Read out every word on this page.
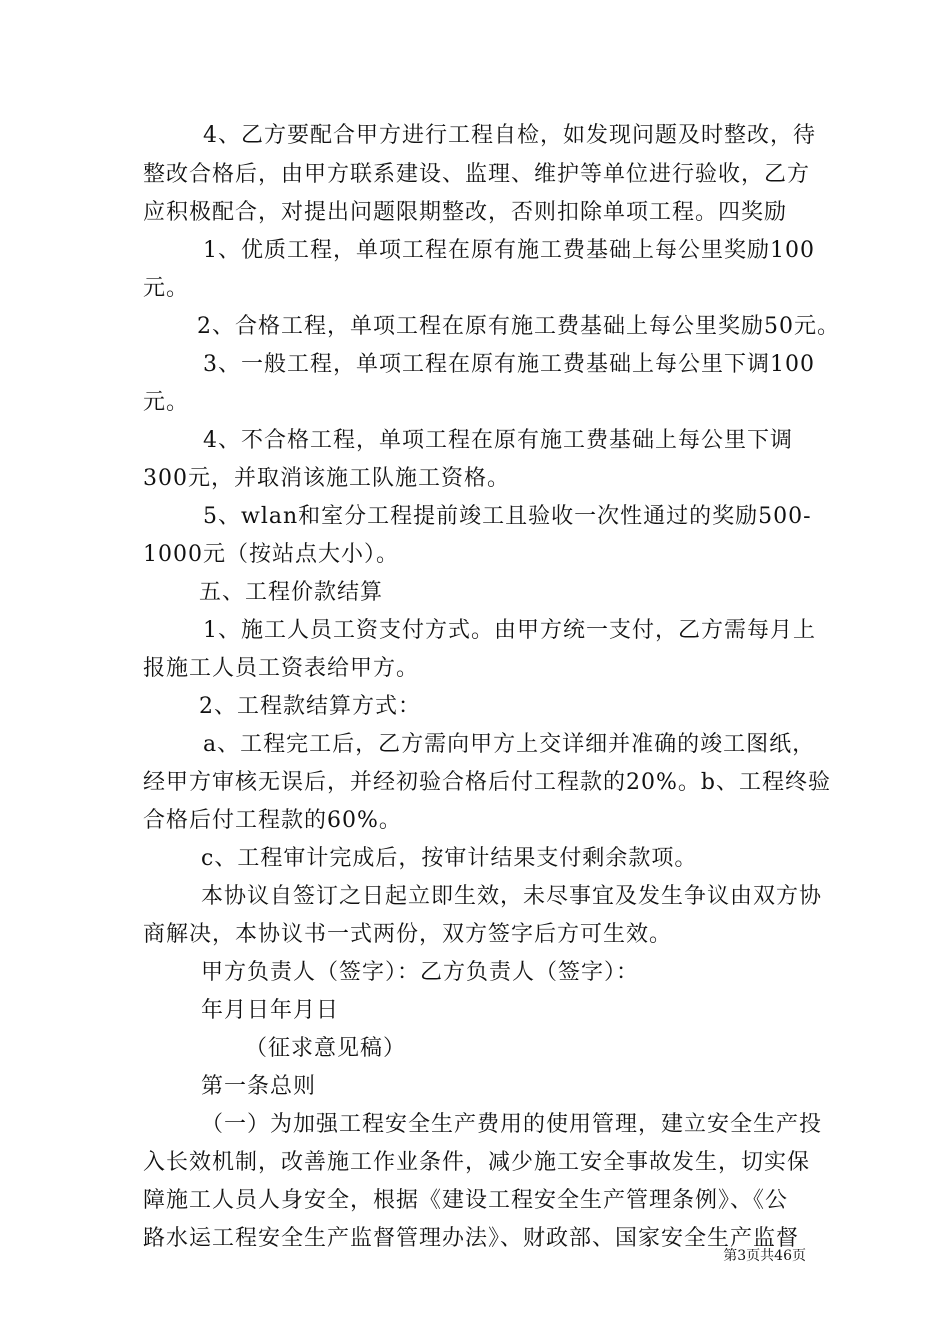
4、乙方要配合甲方进行工程自检，如发现问题及时整改，待
整改合格后，由甲方联系建设、监理、维护等单位进行验收，乙方
应积极配合，对提出问题限期整改，否则扣除单项工程。四奖励
1、优质工程，单项工程在原有施工费基础上每公里奖励100
元。
2、合格工程，单项工程在原有施工费基础上每公里奖励50元。
3、一般工程，单项工程在原有施工费基础上每公里下调100
元。
4、不合格工程，单项工程在原有施工费基础上每公里下调
300元，并取消该施工队施工资格。
5、wlan和室分工程提前竣工且验收一次性通过的奖励500-
1000元（按站点大小）。
五、工程价款结算
1、施工人员工资支付方式。由甲方统一支付，乙方需每月上
报施工人员工资表给甲方。
2、工程款结算方式：
a、工程完工后，乙方需向甲方上交详细并准确的竣工图纸，
经甲方审核无误后，并经初验合格后付工程款的20%。b、工程终验
合格后付工程款的60%。
c、工程审计完成后，按审计结果支付剩余款项。
本协议自签订之日起立即生效，未尽事宜及发生争议由双方协
商解决，本协议书一式两份，双方签字后方可生效。
甲方负责人（签字）：乙方负责人（签字）：
年月日年月日
（征求意见稿）
第一条总则
（一）为加强工程安全生产费用的使用管理，建立安全生产投
入长效机制，改善施工作业条件，减少施工安全事故发生，切实保
障施工人员人身安全，根据《建设工程安全生产管理条例》、《公
路水运工程安全生产监督管理办法》、财政部、国家安全生产监督
第3页共46页
